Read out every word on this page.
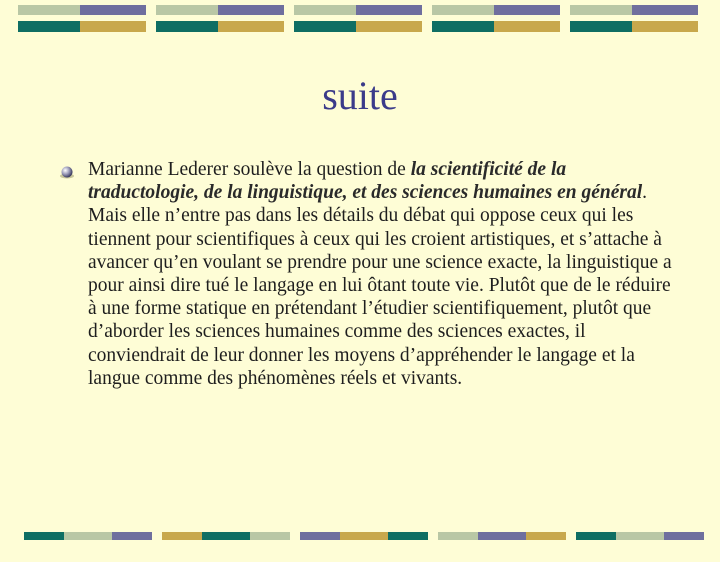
suite
Marianne Lederer soulève la question de la scientificité de la traductologie, de la linguistique, et des sciences humaines en général. Mais elle n’entre pas dans les détails du débat qui oppose ceux qui les tiennent pour scientifiques à ceux qui les croient artistiques, et s’attache à avancer qu’en voulant se prendre pour une science exacte, la linguistique a pour ainsi dire tué le langage en lui ôtant toute vie. Plutôt que de le réduire à une forme statique en prétendant l’étudier scientifiquement, plutôt que d’aborder les sciences humaines comme des sciences exactes, il conviendrait de leur donner les moyens d’appréhender le langage et la langue comme des phénomènes réels et vivants.
